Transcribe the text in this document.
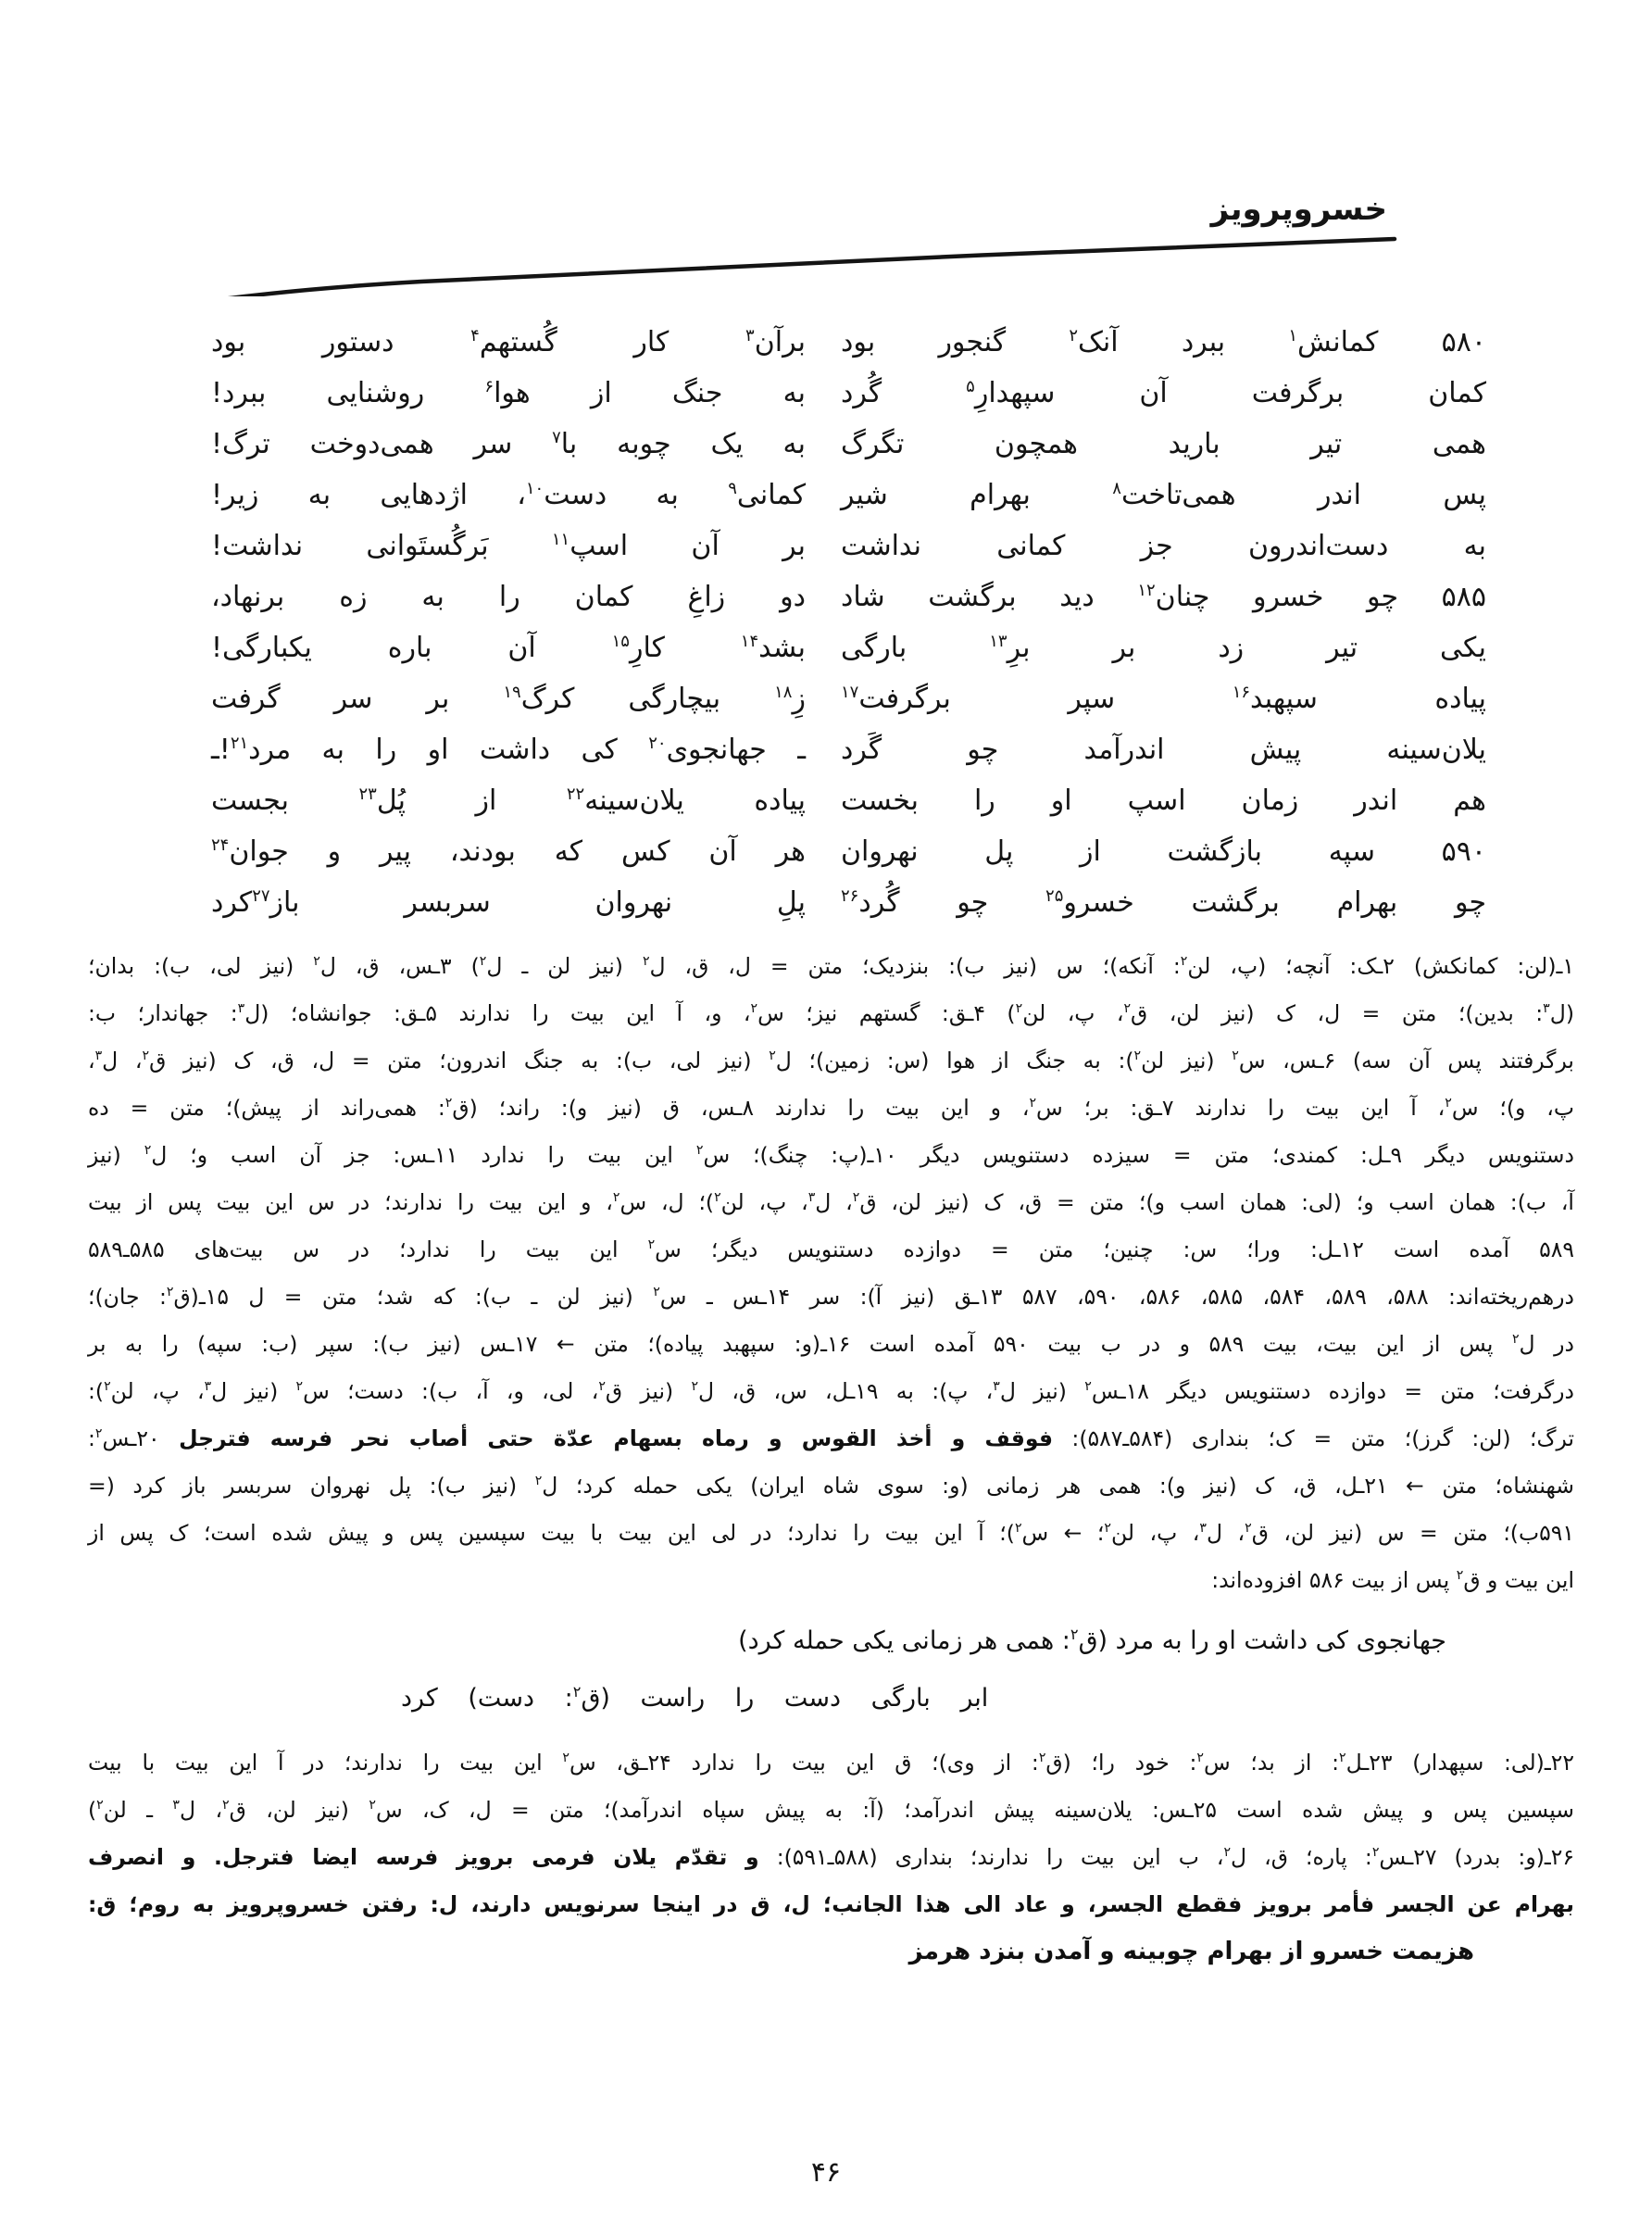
خسروپرویز
۵۸۰ کمانش$^۱$ ببرد آنک$^۲$ گنجور بود
برآن$^۳$ کار گُستهم$^۴$ دستور بود
کمان برگرفت آن سپهدارِ$^۵$ گُرد
به جنگ از هوا$^۶$ روشنایی ببرد!
همی تیر بارید همچون تگرگ
به یک چوبه با$^۷$ سر همی‌دوخت ترگ!
پس اندر همی‌تاخت$^۸$ بهرام شیر
کمانی$^۹$ به دست$^{۱۰}$، اژدهایی به زیر!
به دست‌اندرون جز کمانی نداشت
بر آن اسپ$^{۱۱}$ بَرگُستَوانی نداشت!
۵۸۵ چو خسرو چنان$^{۱۲}$ دید برگشت شاد
دو زاغِ کمان را به زه برنهاد،
یکی تیر زد بر برِ$^{۱۳}$ بارگی
بشد$^{۱۴}$ کارِ$^{۱۵}$ آن باره یکبارگی!
پیاده سپهبد$^{۱۶}$ سپر برگرفت$^{۱۷}$
زِ$^{۱۸}$ بیچارگی کرگ$^{۱۹}$ بر سر گرفت
یلان‌سینه پیش اندرآمد چو گَرد
ـ جهانجوی$^{۲۰}$ کی داشت او را به مرد$^{۲۱}$!ـ
هم اندر زمان اسپ او را بخست
پیاده یلان‌سینه$^{۲۲}$ از پُل$^{۲۳}$ بجست
۵۹۰ سپه بازگشت از پل نهروان
هر آن کس که بودند، پیر و جوان$^{۲۴}$
چو بهرام برگشت خسرو$^{۲۵}$ چو گُرد$^{۲۶}$
پلِ نهروان سربسر باز$^{۲۷}$کرد
۱ـ(لن: کمانکش) ۲ـک: آنچه؛ (پ، لن$^۲$: آنکه)؛ س (نیز ب): بنزدیک؛ متن = ل، ق، ل$^۲$ (نیز لن ـ ل$^۲$) ۳ـس، ق، ل$^۲$ (نیز لی، ب): بدان؛
(ل$^۳$: بدین)؛ متن = ل، ک (نیز لن، ق$^۲$، پ، لن$^۲$) ۴ـق: گستهم نیز؛ س$^۲$، و، آ این بیت را ندارند ۵ـق: جوانشاه؛ (ل$^۳$: جهاندار؛ ب:
برگرفتند پس آن سه) ۶ـس، س$^۲$ (نیز لن$^۲$): به جنگ از هوا (س: زمین)؛ ل$^۲$ (نیز لی، ب): به جنگ اندرون؛ متن = ل، ق، ک (نیز ق$^۲$، ل$^۳$،
پ، و)؛ س$^۲$، آ این بیت را ندارند ۷ـق: بر؛ س$^۲$، و این بیت را ندارند ۸ـس، ق (نیز و): راند؛ (ق$^۲$: همی‌راند از پیش)؛ متن = ده
دستنویس دیگر ۹ـل: کمندی؛ متن = سیزده دستنویس دیگر ۱۰ـ(پ: چنگ)؛ س$^۲$ این بیت را ندارد ۱۱ـس: جز آن اسب و؛ ل$^۲$ (نیز
آ، ب): همان اسب و؛ (لی: همان اسب و)؛ متن = ق، ک (نیز لن، ق$^۲$، ل$^۳$، پ، لن$^۲$)؛ ل، س$^۲$، و این بیت را ندارند؛ در س این بیت پس از بیت
۵۸۹ آمده است ۱۲ـل: ورا؛ س: چنین؛ متن = دوازده دستنویس دیگر؛ س$^۲$ این بیت را ندارد؛ در س بیت‌های ۵۸۵ـ۵۸۹
درهم‌ریخته‌اند: ۵۸۸، ۵۸۹، ۵۸۴، ۵۸۵، ۵۸۶، ۵۹۰، ۵۸۷ ۱۳ـق (نیز آ): سر ۱۴ـس ـ س$^۲$ (نیز لن ـ ب): که شد؛ متن = ل ۱۵ـ(ق$^۲$: جان)؛
در ل$^۲$ پس از این بیت، بیت ۵۸۹ و در ب بیت ۵۹۰ آمده است ۱۶ـ(و: سپهبد پیاده)؛ متن ← ۱۷ـس (نیز ب): سپر (ب: سپه) را به بر
درگرفت؛ متن = دوازده دستنویس دیگر ۱۸ـس$^۲$ (نیز ل$^۳$، پ): به ۱۹ـل، س، ق، ل$^۲$ (نیز ق$^۲$، لی، و، آ، ب): دست؛ س$^۲$ (نیز ل$^۳$، پ، لن$^۲$):
ترگ؛ (لن: گرز)؛ متن = ک؛ بنداری (۵۸۴ـ۵۸۷): فوقف و أخذ القوس و رماه بسهام عدّة حتی أصاب نحر فرسه فترجل ۲۰ـس$^۲$:
شهنشاه؛ متن ← ۲۱ـل، ق، ک (نیز و): همی هر زمانی (و: سوی شاه ایران) یکی حمله کرد؛ ل$^۲$ (نیز ب): پل نهروان سربسر باز کرد (=
۵۹۱ب)؛ متن = س (نیز لن، ق$^۲$، ل$^۳$، پ، لن$^۲$؛ ← س$^۲$)؛ آ این بیت را ندارد؛ در لی این بیت با بیت سپسین پس و پیش شده است؛ ک پس از
این بیت و ق$^۲$ پس از بیت ۵۸۶ افزوده‌اند:
جهانجوی کی داشت او را به مرد (ق$^۲$: همی هر زمانی یکی حمله کرد)
ابر بارگی دست را راست (ق$^۲$: دست) کرد
۲۲ـ(لی: سپهدار) ۲۳ـل$^۲$: از بد؛ س$^۲$: خود را؛ (ق$^۲$: از وی)؛ ق این بیت را ندارد ۲۴ـق، س$^۲$ این بیت را ندارند؛ در آ این بیت با بیت
سپسین پس و پیش شده است ۲۵ـس: یلان‌سینه پیش اندرآمد؛ (آ: به پیش سپاه اندرآمد)؛ متن = ل، ک، س$^۲$ (نیز لن، ق$^۲$، ل$^۳$ ـ لن$^۲$)
۲۶ـ(و: بدرد) ۲۷ـس$^۲$: پاره؛ ق، ل$^۲$، ب این بیت را ندارند؛ بنداری (۵۸۸ـ۵۹۱): و تقدّم یلان فرمی برویز فرسه ایضا فترجل. و انصرف
بهرام عن الجسر فأمر برویز فقطع الجسر، و عاد الی هذا الجانب؛ ل، ق در اینجا سرنویس دارند، ل: رفتن خسروپرویز به روم؛ ق:
هزیمت خسرو از بهرام چوبینه و آمدن بنزد هرمز
۴۶
